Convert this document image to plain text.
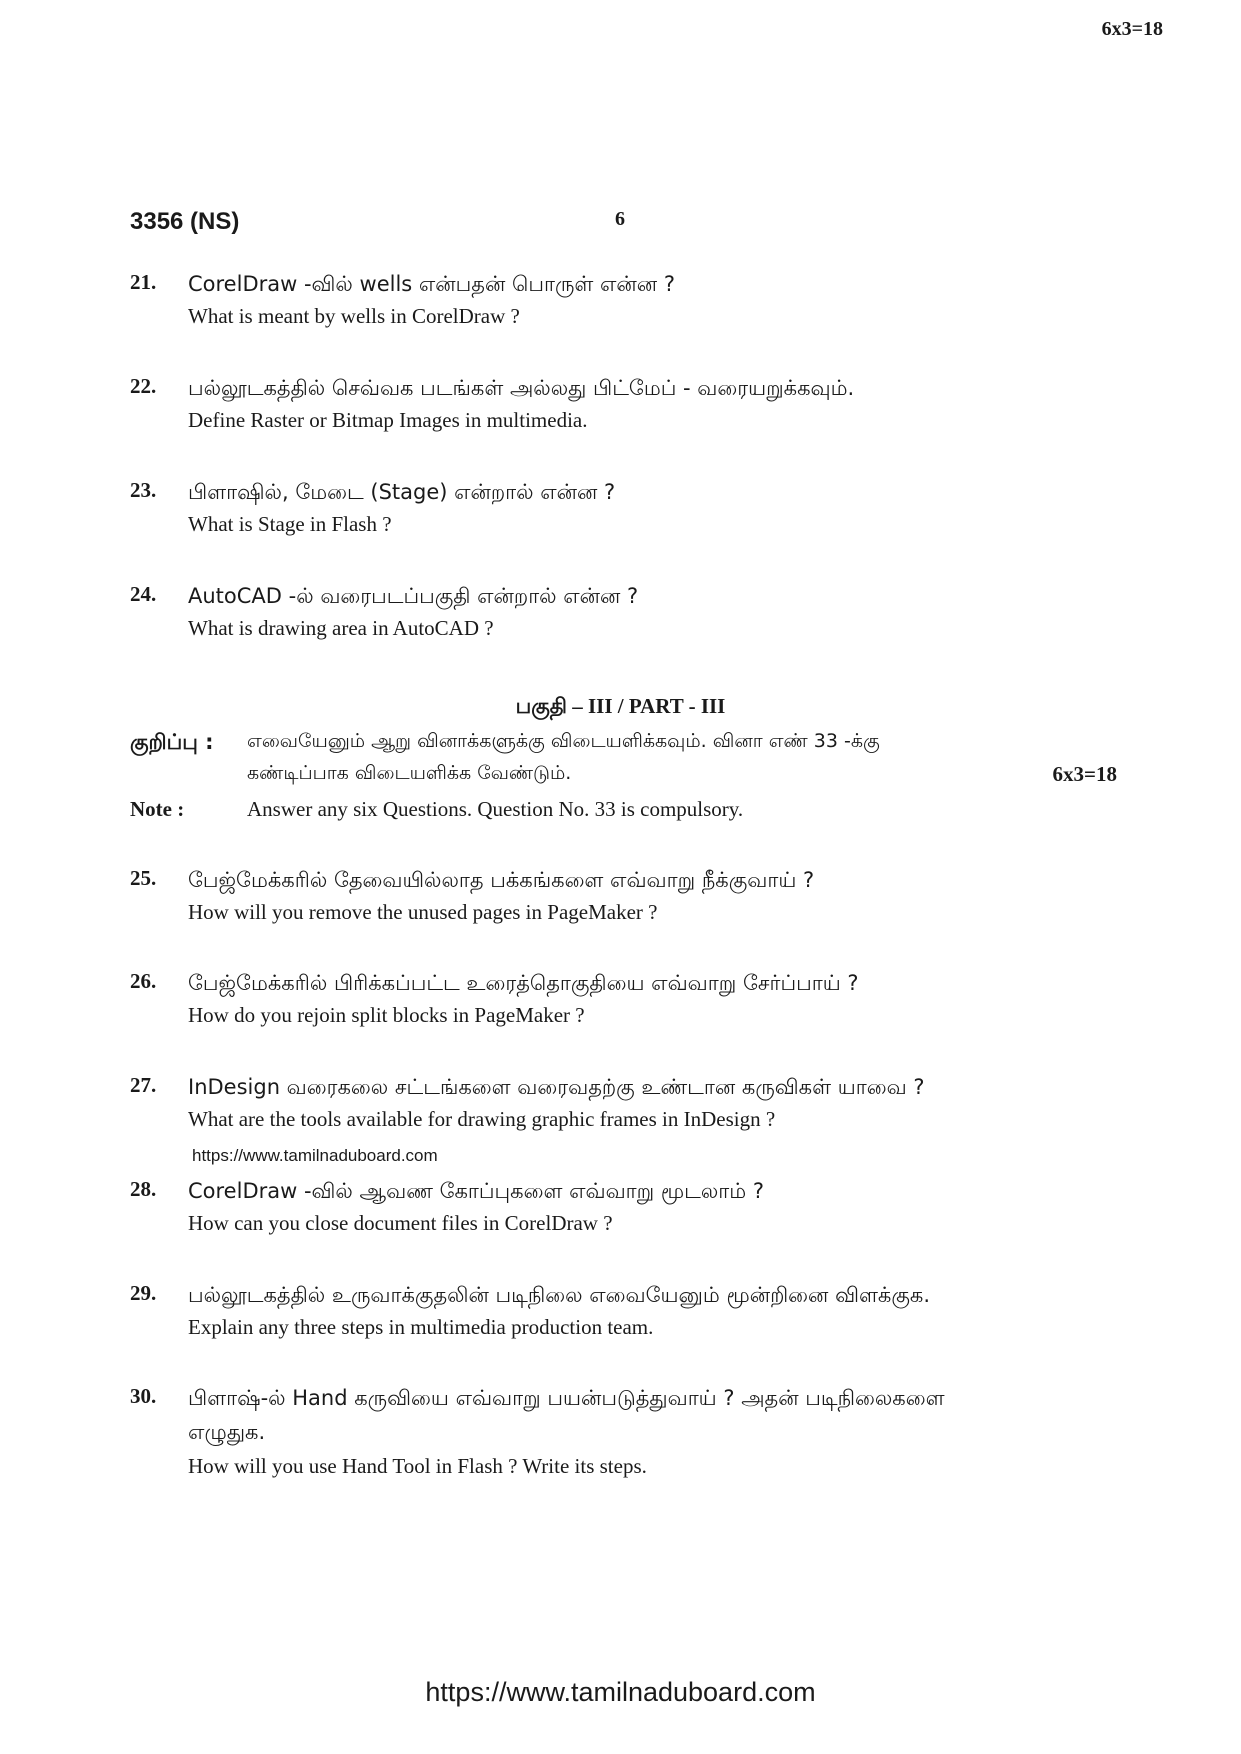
6x3=18
3356 (NS)	6
21. CorelDraw -வில் wells என்பதன் பொருள் என்ன ?
What is meant by wells in CorelDraw ?
22. பல்லூடகத்தில் செவ்வக படங்கள் அல்லது பிட்மேப் - வரையறுக்கவும்.
Define Raster or Bitmap Images in multimedia.
23. பிளாஷில், மேடை (Stage) என்றால் என்ன ?
What is Stage in Flash ?
24. AutoCAD -ல் வரைபடப்பகுதி என்றால் என்ன ?
What is drawing area in AutoCAD ?
பகுதி – III / PART - III
குறிப்பு : எவையேனும் ஆறு வினாக்களுக்கு விடையளிக்கவும். வினா எண் 33 -க்கு
கண்டிப்பாக விடையளிக்க வேண்டும்.	6x3=18
Note :	Answer any six Questions. Question No. 33 is compulsory.
25. பேஜ்மேக்கரில் தேவையில்லாத பக்கங்களை எவ்வாறு நீக்குவாய் ?
How will you remove the unused pages in PageMaker ?
26. பேஜ்மேக்கரில் பிரிக்கப்பட்ட உரைத்தொகுதியை எவ்வாறு சேர்ப்பாய் ?
How do you rejoin split blocks in PageMaker ?
27. InDesign வரைகலை சட்டங்களை வரைவதற்கு உண்டான கருவிகள் யாவை ?
What are the tools available for drawing graphic frames in InDesign ?
https://www.tamilnaduboard.com
28. CorelDraw -வில் ஆவண கோப்புகளை எவ்வாறு மூடலாம் ?
How can you close document files in CorelDraw ?
29. பல்லூடகத்தில் உருவாக்குதலின் படிநிலை எவையேனும் மூன்றினை விளக்குக.
Explain any three steps in multimedia production team.
30. பிளாஷ்-ல் Hand கருவியை எவ்வாறு பயன்படுத்துவாய் ? அதன் படிநிலைகளை
எழுதுக.
How will you use Hand Tool in Flash ? Write its steps.
https://www.tamilnaduboard.com
